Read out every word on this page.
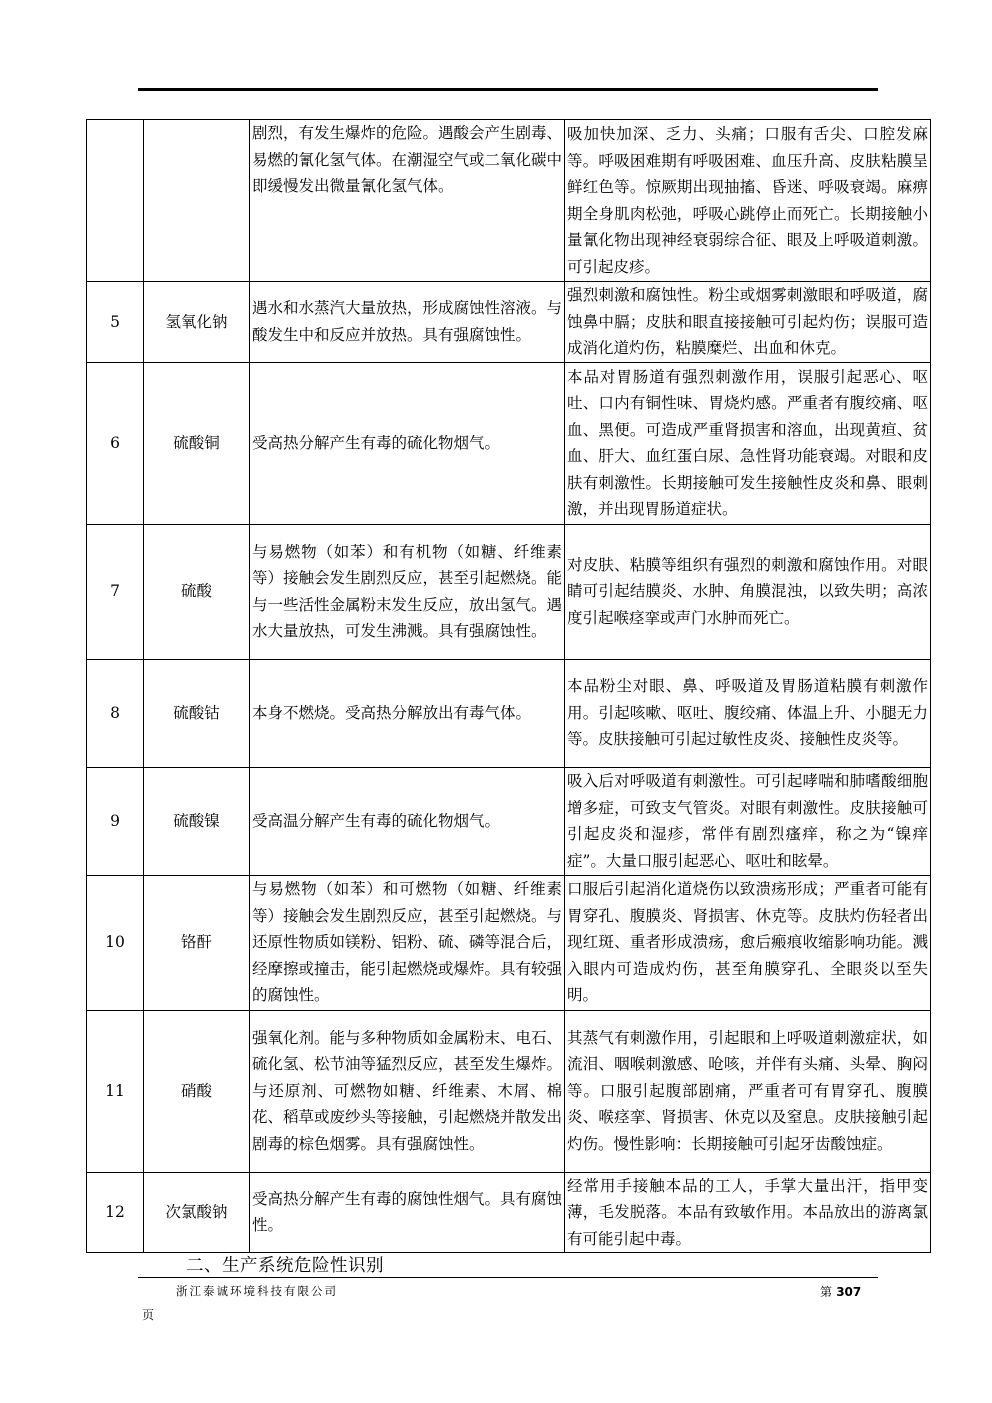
		剧烈，有发生爆炸的危险。遇酸会产生剧毒、易燃的氰化氢气体。在潮湿空气或二氧化碳中即缓慢发出微量氰化氢气体。	吸加快加深、乏力、头痛；口服有舌尖、口腔发麻等。呼吸困难期有呼吸困难、血压升高、皮肤粘膜呈鲜红色等。惊厥期出现抽搐、昏迷、呼吸衰竭。麻痹期全身肌肉松弛，呼吸心跳停止而死亡。长期接触小量氰化物出现神经衰弱综合征、眼及上呼吸道刺激。可引起皮疹。
5	氢氧化钠	遇水和水蒸汽大量放热，形成腐蚀性溶液。与酸发生中和反应并放热。具有强腐蚀性。	强烈刺激和腐蚀性。粉尘或烟雾刺激眼和呼吸道，腐蚀鼻中膈；皮肤和眼直接接触可引起灼伤；误服可造成消化道灼伤，粘膜糜烂、出血和休克。
6	硫酸铜	受高热分解产生有毒的硫化物烟气。	本品对胃肠道有强烈刺激作用，误服引起恶心、呕吐、口内有铜性味、胃烧灼感。严重者有腹绞痛、呕血、黑便。可造成严重肾损害和溶血，出现黄疸、贫血、肝大、血红蛋白尿、急性肾功能衰竭。对眼和皮肤有刺激性。长期接触可发生接触性皮炎和鼻、眼刺激，并出现胃肠道症状。
7	硫酸	与易燃物（如苯）和有机物（如糖、纤维素等）接触会发生剧烈反应，甚至引起燃烧。能与一些活性金属粉末发生反应，放出氢气。遇水大量放热，可发生沸溅。具有强腐蚀性。	对皮肤、粘膜等组织有强烈的刺激和腐蚀作用。对眼睛可引起结膜炎、水肿、角膜混浊，以致失明；高浓度引起喉痉挛或声门水肿而死亡。
8	硫酸钴	本身不燃烧。受高热分解放出有毒气体。	本品粉尘对眼、鼻、呼吸道及胃肠道粘膜有刺激作用。引起咳嗽、呕吐、腹绞痛、体温上升、小腿无力等。皮肤接触可引起过敏性皮炎、接触性皮炎等。
9	硫酸镍	受高温分解产生有毒的硫化物烟气。	吸入后对呼吸道有刺激性。可引起哮喘和肺嗜酸细胞增多症，可致支气管炎。对眼有刺激性。皮肤接触可引起皮炎和湿疹，常伴有剧烈瘙痒，称之为“镍痒症”。大量口服引起恶心、呕吐和眩晕。
10	铬酐	与易燃物（如苯）和可燃物（如糖、纤维素等）接触会发生剧烈反应，甚至引起燃烧。与还原性物质如镁粉、铝粉、硫、磷等混合后，经摩擦或撞击，能引起燃烧或爆炸。具有较强的腐蚀性。	口服后引起消化道烧伤以致溃疡形成；严重者可能有胃穿孔、腹膜炎、肾损害、休克等。皮肤灼伤轻者出现红斑、重者形成溃疡，愈后瘢痕收缩影响功能。溅入眼内可造成灼伤，甚至角膜穿孔、全眼炎以至失明。
11	硝酸	强氧化剂。能与多种物质如金属粉末、电石、硫化氢、松节油等猛烈反应，甚至发生爆炸。与还原剂、可燃物如糖、纤维素、木屑、棉花、稻草或废纱头等接触，引起燃烧并散发出剧毒的棕色烟雾。具有强腐蚀性。	其蒸气有刺激作用，引起眼和上呼吸道刺激症状，如流泪、咽喉刺激感、呛咳，并伴有头痛、头晕、胸闷等。口服引起腹部剧痛，严重者可有胃穿孔、腹膜炎、喉痉挛、肾损害、休克以及窒息。皮肤接触引起灼伤。慢性影响：长期接触可引起牙齿酸蚀症。
12	次氯酸钠	受高热分解产生有毒的腐蚀性烟气。具有腐蚀性。	经常用手接触本品的工人，手掌大量出汗，指甲变薄，毛发脱落。本品有致敏作用。本品放出的游离氯有可能引起中毒。
二、生产系统危险性识别
浙江泰诚环境科技有限公司	第 307
页
